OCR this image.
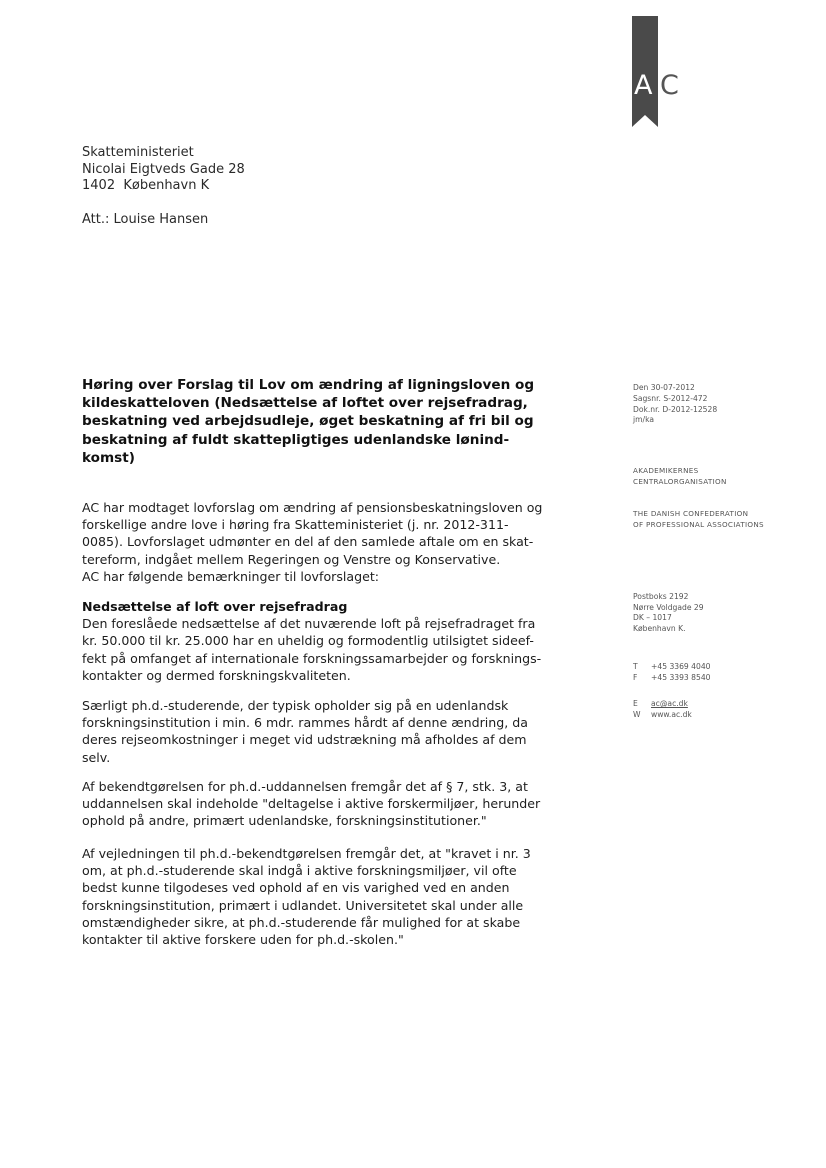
A C
Skatteministeriet
Nicolai Eigtveds Gade 28
1402  København K
Att.: Louise Hansen
Høring over Forslag til Lov om ændring af ligningsloven og
kildeskatteloven (Nedsættelse af loftet over rejsefradrag,
beskatning ved arbejdsudleje, øget beskatning af fri bil og
beskatning af fuldt skattepligtiges udenlandske lønind-
komst)
Den 30-07-2012
Sagsnr. S-2012-472
Dok.nr. D-2012-12528
jm/ka
AKADEMIKERNES
CENTRALORGANISATION
THE DANISH CONFEDERATION
OF PROFESSIONAL ASSOCIATIONS
Postboks 2192
Nørre Voldgade 29
DK – 1017
København K.
T +45 3369 4040
F +45 3393 8540
E ac@ac.dk
W www.ac.dk
AC har modtaget lovforslag om ændring af pensionsbeskatningsloven og
forskellige andre love i høring fra Skatteministeriet (j. nr. 2012-311-
0085). Lovforslaget udmønter en del af den samlede aftale om en skat-
tereform, indgået mellem Regeringen og Venstre og Konservative.
AC har følgende bemærkninger til lovforslaget:
Nedsættelse af loft over rejsefradrag
Den foreslåede nedsættelse af det nuværende loft på rejsefradraget fra
kr. 50.000 til kr. 25.000 har en uheldig og formodentlig utilsigtet sideef-
fekt på omfanget af internationale forskningssamarbejder og forsknings-
kontakter og dermed forskningskvaliteten.
Særligt ph.d.-studerende, der typisk opholder sig på en udenlandsk
forskningsinstitution i min. 6 mdr. rammes hårdt af denne ændring, da
deres rejseomkostninger i meget vid udstrækning må afholdes af dem
selv.
Af bekendtgørelsen for ph.d.-uddannelsen fremgår det af § 7, stk. 3, at
uddannelsen skal indeholde "deltagelse i aktive forskermiljøer, herunder
ophold på andre, primært udenlandske, forskningsinstitutioner."
Af vejledningen til ph.d.-bekendtgørelsen fremgår det, at "kravet i nr. 3
om, at ph.d.-studerende skal indgå i aktive forskningsmiljøer, vil ofte
bedst kunne tilgodeses ved ophold af en vis varighed ved en anden
forskningsinstitution, primært i udlandet. Universitetet skal under alle
omstændigheder sikre, at ph.d.-studerende får mulighed for at skabe
kontakter til aktive forskere uden for ph.d.-skolen."
